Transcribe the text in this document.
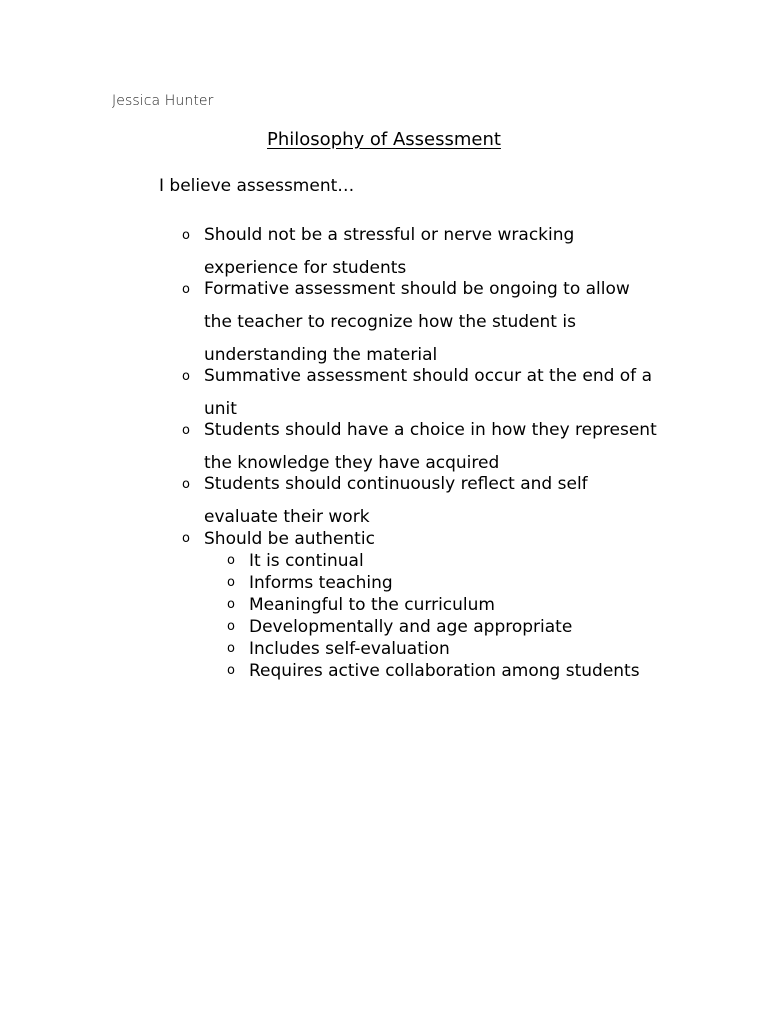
Jessica Hunter
Philosophy of Assessment
I believe assessment…
o Should not be a stressful or nerve wracking experience for students
o Formative assessment should be ongoing to allow the teacher to recognize how the student is understanding the material
o Summative assessment should occur at the end of a unit
o Students should have a choice in how they represent the knowledge they have acquired
o Students should continuously reflect and self evaluate their work
o Should be authentic
o It is continual
o Informs teaching
o Meaningful to the curriculum
o Developmentally and age appropriate
o Includes self-evaluation
o Requires active collaboration among students
